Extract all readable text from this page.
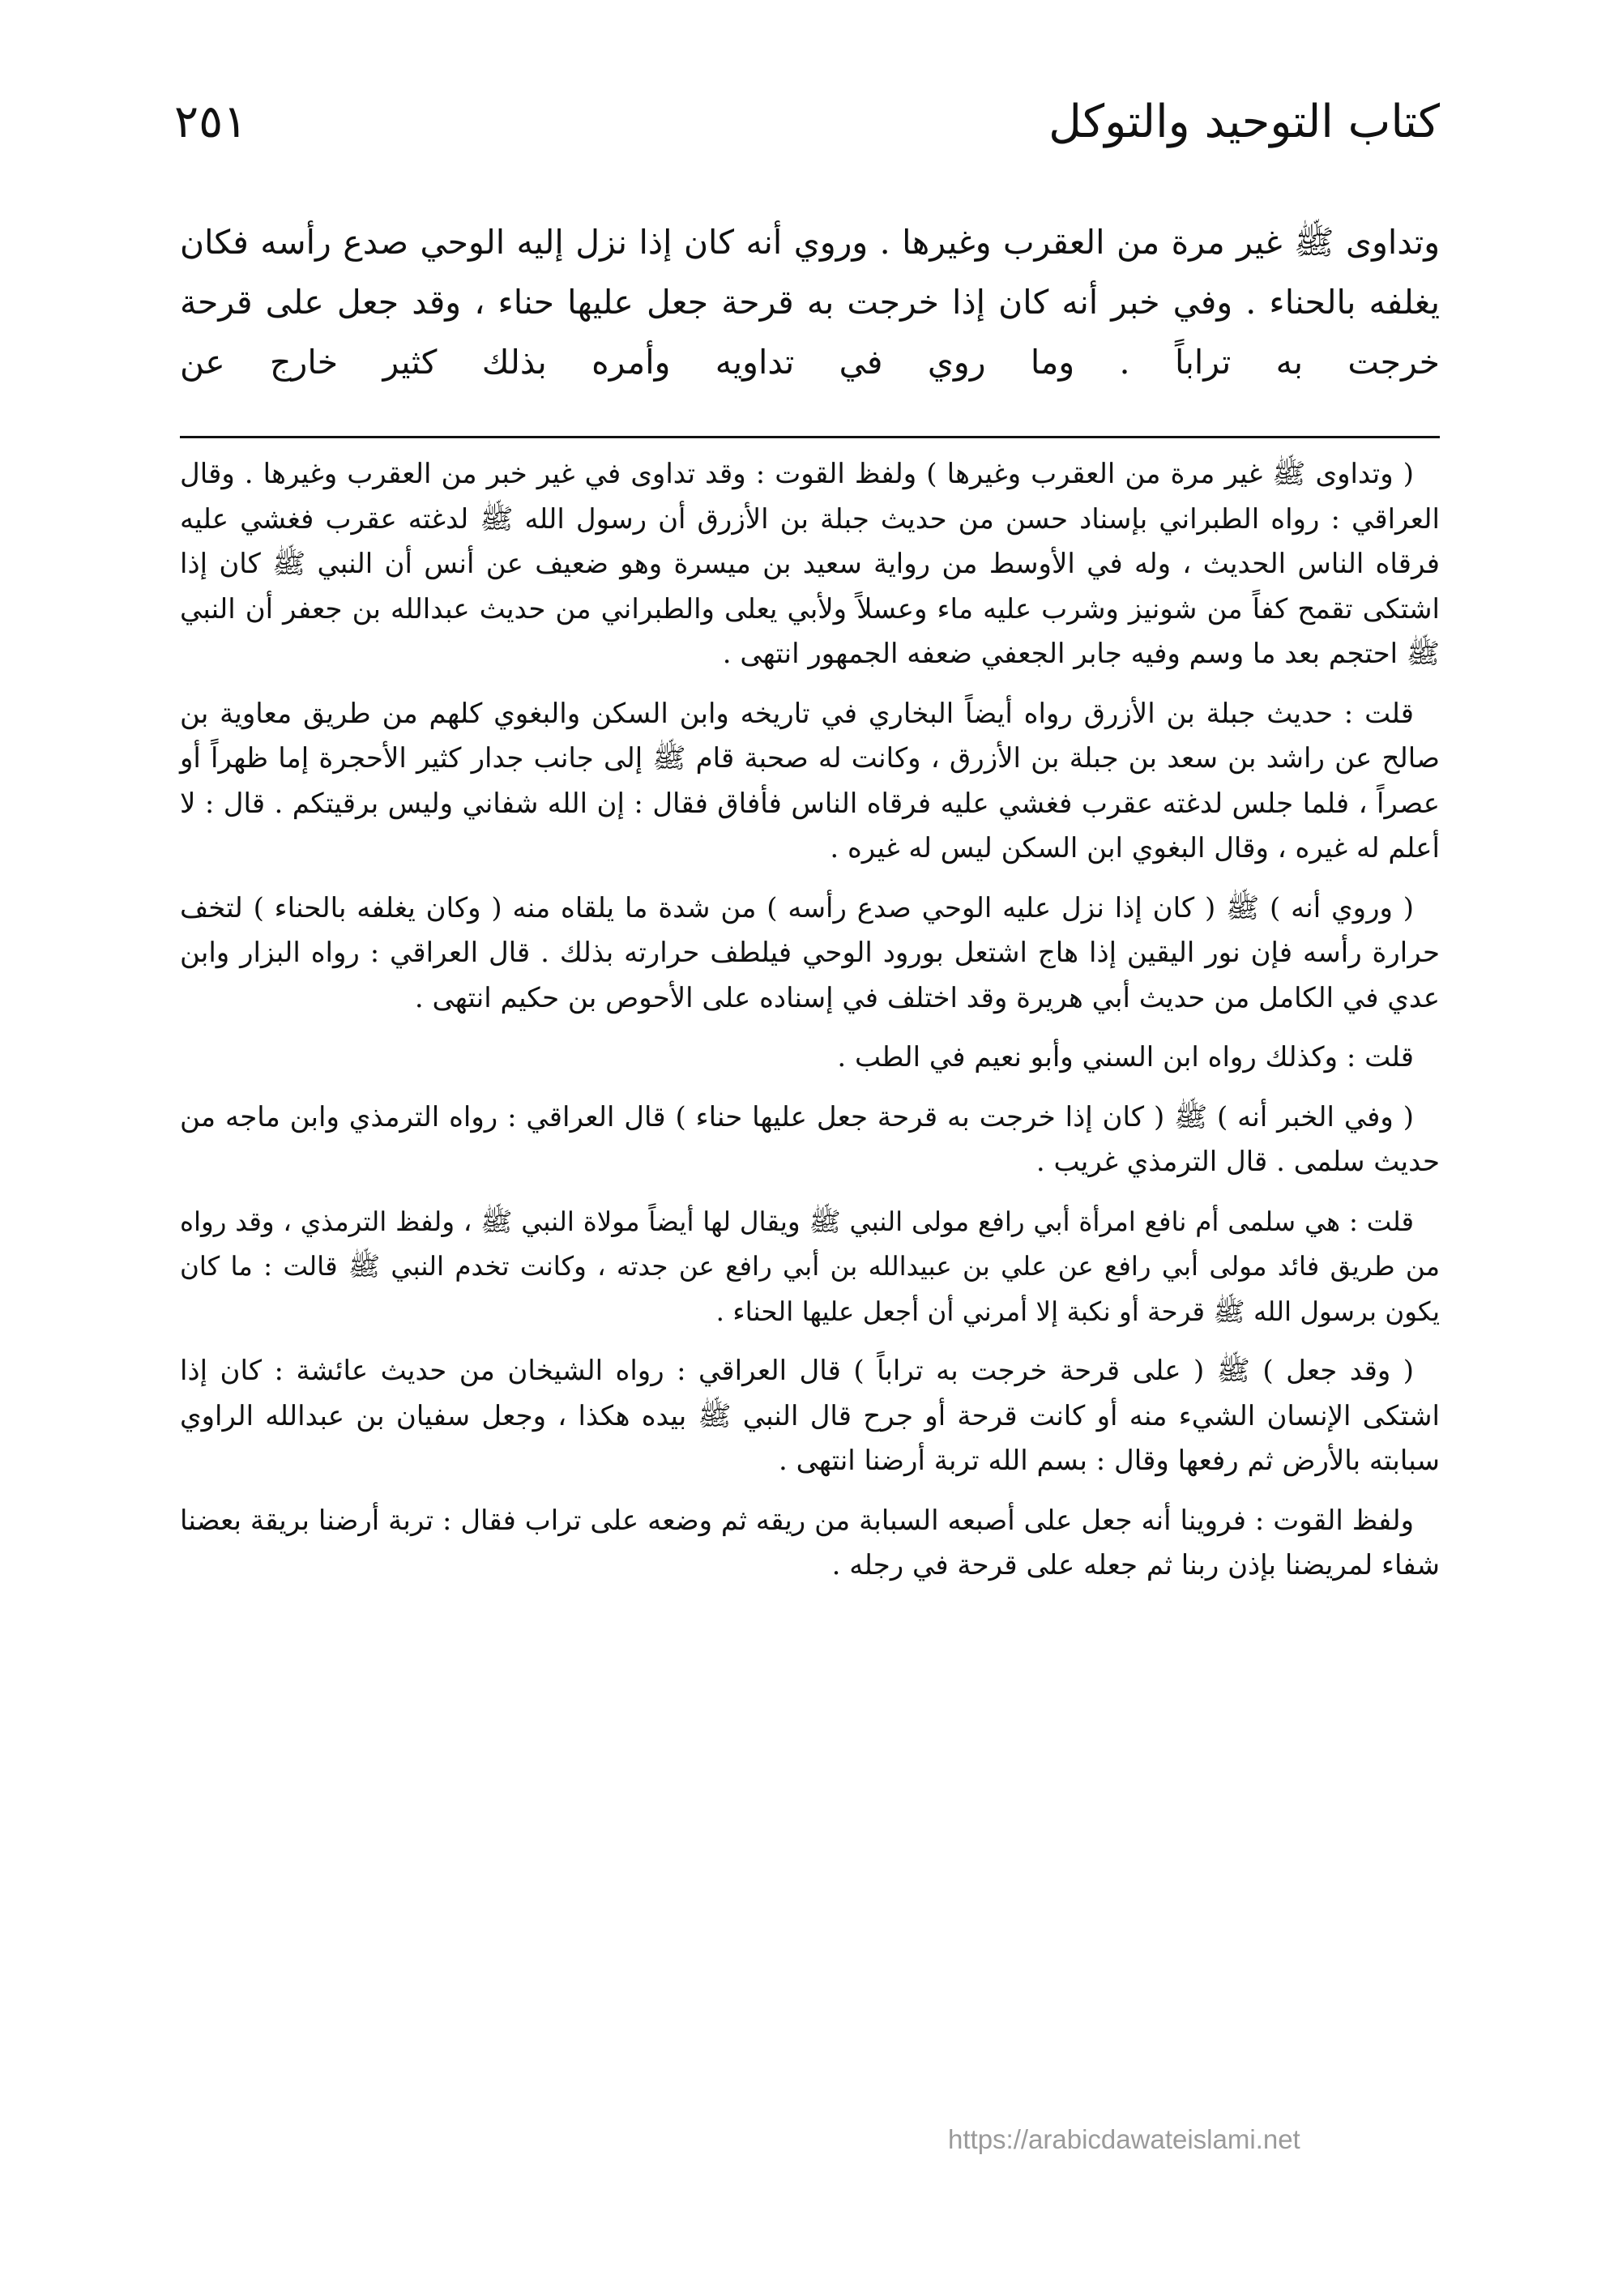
كتاب التوحيد والتوكل
٢٥١

وتداوى ﷺ غير مرة من العقرب وغيرها . وروي أنه كان إذا نزل إليه الوحي صدع رأسه فكان يغلفه بالحناء . وفي خبر أنه كان إذا خرجت به قرحة جعل عليها حناء ، وقد جعل على قرحة خرجت به تراباً . وما روي في تداويه وأمره بذلك كثير خارج عن

( وتداوى ﷺ غير مرة من العقرب وغيرها ) ولفظ القوت : وقد تداوى في غير خبر من العقرب وغيرها . وقال العراقي : رواه الطبراني بإسناد حسن من حديث جبلة بن الأزرق أن رسول الله ﷺ لدغته عقرب فغشي عليه فرقاه الناس الحديث ، وله في الأوسط من رواية سعيد بن ميسرة وهو ضعيف عن أنس أن النبي ﷺ كان إذا اشتكى تقمح كفاً من شونيز وشرب عليه ماء وعسلاً ولأبي يعلى والطبراني من حديث عبدالله بن جعفر أن النبي ﷺ احتجم بعد ما وسم وفيه جابر الجعفي ضعفه الجمهور انتهى .

قلت : حديث جبلة بن الأزرق رواه أيضاً البخاري في تاريخه وابن السكن والبغوي كلهم من طريق معاوية بن صالح عن راشد بن سعد بن جبلة بن الأزرق ، وكانت له صحبة قام ﷺ إلى جانب جدار كثير الأحجرة إما ظهراً أو عصراً ، فلما جلس لدغته عقرب فغشي عليه فرقاه الناس فأفاق فقال : إن الله شفاني وليس برقيتكم . قال : لا أعلم له غيره ، وقال البغوي ابن السكن ليس له غيره .

( وروي أنه ) ﷺ ( كان إذا نزل عليه الوحي صدع رأسه ) من شدة ما يلقاه منه ( وكان يغلفه بالحناء ) لتخف حرارة رأسه فإن نور اليقين إذا هاج اشتعل بورود الوحي فيلطف حرارته بذلك . قال العراقي : رواه البزار وابن عدي في الكامل من حديث أبي هريرة وقد اختلف في إسناده على الأحوص بن حكيم انتهى .

قلت : وكذلك رواه ابن السني وأبو نعيم في الطب .

( وفي الخبر أنه ) ﷺ ( كان إذا خرجت به قرحة جعل عليها حناء ) قال العراقي : رواه الترمذي وابن ماجه من حديث سلمى . قال الترمذي غريب .

قلت : هي سلمى أم نافع امرأة أبي رافع مولى النبي ﷺ ويقال لها أيضاً مولاة النبي ﷺ ، ولفظ الترمذي ، وقد رواه من طريق فائد مولى أبي رافع عن علي بن عبيدالله بن أبي رافع عن جدته ، وكانت تخدم النبي ﷺ قالت : ما كان يكون برسول الله ﷺ قرحة أو نكبة إلا أمرني أن أجعل عليها الحناء .

( وقد جعل ) ﷺ ( على قرحة خرجت به تراباً ) قال العراقي : رواه الشيخان من حديث عائشة : كان إذا اشتكى الإنسان الشيء منه أو كانت قرحة أو جرح قال النبي ﷺ بيده هكذا ، وجعل سفيان بن عبدالله الراوي سبابته بالأرض ثم رفعها وقال : بسم الله تربة أرضنا انتهى .

ولفظ القوت : فروينا أنه جعل على أصبعه السبابة من ريقه ثم وضعه على تراب فقال : تربة أرضنا بريقة بعضنا شفاء لمريضنا بإذن ربنا ثم جعله على قرحة في رجله .

https://arabicdawateislami.net
